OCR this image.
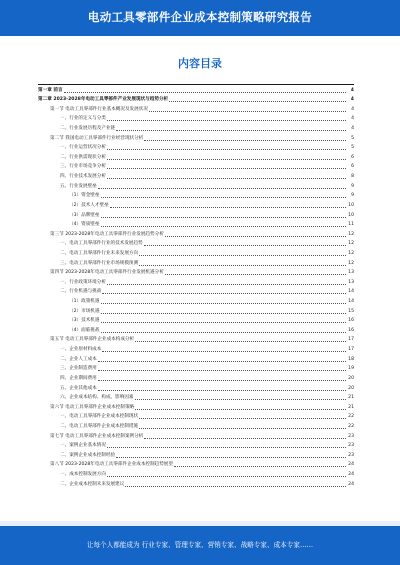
电动工具零部件企业成本控制策略研究报告
内容目录
第一章 前言	4
第二章 2023-2028年电动工具零部件产业发展现状与趋势分析	4
第一节 电动工具零部件行业基本概况及发展状况	4
一、行业的定义与分类	4
二、行业发展历程及产业链	4
第二节 我国电动工具零部件行业经营现状分析	5
一、行业运营状况分析	5
二、行业供需现状分析	6
三、行业市场竞争分析	6
四、行业技术发展分析	8
五、行业发展壁垒	9
（1）资金壁垒	9
（2）技术人才壁垒	10
（3）品牌壁垒	10
（4）资质壁垒	11
第三节 2023-2028年电动工具零部件行业发展趋势分析	12
一、电动工具零部件行业的技术发展趋势	12
二、电动工具零部件行业未来发展方向	12
三、电动工具零部件行业市场规模预测	12
第四节 2023-2028年电动工具零部件行业发展机遇分析	13
一、行业政策环境分析	13
二、行业机遇与挑战	14
（1）政策机遇	14
（2）市场机遇	15
（3）技术机遇	16
（4）面临挑战	16
第五节 电动工具零部件企业成本构成分析	17
一、企业原材料成本	17
二、企业人工成本	18
三、企业制造费用	19
四、企业期间费用	20
五、企业其他成本	20
六、企业成本结构、构成、影响因素	21
第六节 电动工具零部件企业成本控制策略	21
一、电动工具零部件企业成本控制现状	22
二、电动工具零部件企业成本控制措施	22
第七节 电动工具零部件企业成本控制案例分析	23
一、案例企业基本情况	23
二、案例企业成本控制经验	23
第八节 2023-2028年电动工具零部件企业成本控制趋势展望	24
一、成本控制发展方向	24
二、企业成本控制未来发展建议	24
让每个人都能成为 行业专家、管理专家、营销专家、战略专家、成本专家……
